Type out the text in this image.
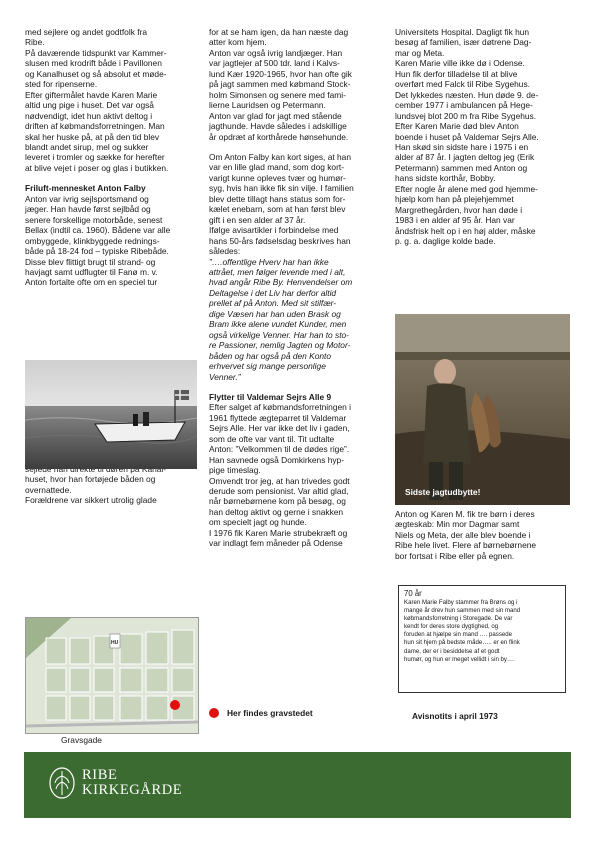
med sejlere og andet godtfolk fra
Ribe.
På daværende tidspunkt var Kammer-
slusen med krodrift både i Pavillonen
og Kanalhuset og så absolut et møde-
sted for ripenserne.
Efter giftermålet havde Karen Marie
altid ung pige i huset. Det var også
nødvendigt, idet hun aktivt deltog i
driften af købmandsforretningen. Man
skal her huske på, at på den tid blev
blandt andet sirup, mel og sukker
leveret i tromler og sække for herefter
at blive vejet i poser og glas i butikken.

Friluft-mennesket Anton Falby

Anton var ivrig sejlsportsmand og
jæger. Han havde først sejlbåd og
senere forskellige motorbåde, senest
Bellax (indtil ca. 1960). Bådene var alle
ombyggede, klinkbyggede rednings-
både på 18-24 fod – typiske Ribebåde.
Disse blev flittigt brugt til strand- og
havjagt samt udflugter til Fanø m. v.
Anton fortalte ofte om en speciel tur

huset, hvor han fortøjede båden og
overnattede.
Forældrene var sikkert utrolig glade

HU
Gravsgade

for at se ham igen, da han næste dag
atter kom hjem.
Anton var også ivrig landjæger. Han
var jagtlejer af 500 tdr. land i Kalvs-
lund Kær 1920-1965, hvor han ofte gik
på jagt sammen med købmand Stock-
holm Simonsen og senere med fami-
lierne Lauridsen og Petermann.
Anton var glad for jagt med stående
jagthunde. Havde således i adskillige
år opdræt af korthårede hønsehunde.

Om Anton Falby kan kort siges, at han
var en lille glad mand, som dog kort-
varigt kunne opleves tvær og humør-
syg, hvis han ikke fik sin vilje. I familien
blev dette tillagt hans status som for-
kælet enebarn, som at han først blev
gift i en sen alder af 37 år.
Ifølge avisartikler i forbindelse med
hans 50-års fødselsdag beskrives han
således:

”….offentlige Hverv har han ikke
attrået, men følger levende med i alt,
hvad angår Ribe By. Henvendelser om
Deltagelse i det Liv har derfor altid
prellet af på Anton. Med sit stilfær-
dige Væsen har han uden Brask og
Bram ikke alene vundet Kunder, men
også virkelige Venner. Har han to sto-
re Passioner, nemlig Jagten og Motor-
båden og har også på den Konto
erhvervet sig mange personlige
Venner.”

Flytter til Valdemar Sejrs Alle 9

Efter salget af købmandsforretningen i
1961 flyttede ægteparret til Valdemar
Sejrs Alle. Her var ikke det liv i gaden,
som de ofte var vant til. Tit udtalte
Anton: ”Velkommen til de dødes rige”.
Han savnede også Domkirkens hyp-
pige timeslag.
Omvendt tror jeg, at han trivedes godt
derude som pensionist. Var altid glad,
når børnebørnene kom på besøg, og
han deltog aktivt og gerne i snakken
om specielt jagt og hunde.
I 1976 fik Karen Marie strubekræft og
var indlagt fem måneder på Odense

Her findes gravstedet

Universitets Hospital. Dagligt fik hun
besøg af familien, især døtrene Dag-
mar og Meta.
Karen Marie ville ikke dø i Odense.
Hun fik derfor tilladelse til at blive
overført med Falck til Ribe Sygehus.
Det lykkedes næsten. Hun døde 9. de-
cember 1977 i ambulancen på Hege-
lundsvej blot 200 m fra Ribe Sygehus.
Efter Karen Marie død blev Anton
boende i huset på Valdemar Sejrs Alle.
Han skød sin sidste hare i 1975 i en
alder af 87 år. I jagten deltog jeg (Erik
Petermann) sammen med Anton og
hans sidste korthår, Bobby.
Efter nogle år alene med god hjemme-
hjælp kom han på plejehjemmet
Margrethegården, hvor han døde i
1983 i en alder af 95 år. Han var
åndsfrisk helt op i en høj alder, måske
p. g. a. daglige kolde bade.

Sidste jagtudbytte!

Anton og Karen M. fik tre børn i deres
ægteskab: Min mor Dagmar samt
Niels og Meta, der alle blev boende i
Ribe hele livet. Flere af børnebørnene
bor fortsat i Ribe eller på egnen.

70 år
Karen Marie Falby stammer fra Brøns og i
mange år drev hun sammen med sin mand
købmandsforretning i Storegade. De var
kendt for deres store dygtighed, og
foruden at hjælpe sin mand …. passede
hun sit hjem på bedste måde….. er en flink
dame, der er i besiddelse af et godt
humør, og hun er meget vellidt i sin by….
Avisnotits i april 1973
RIBE
KIRKEGÅRDE
